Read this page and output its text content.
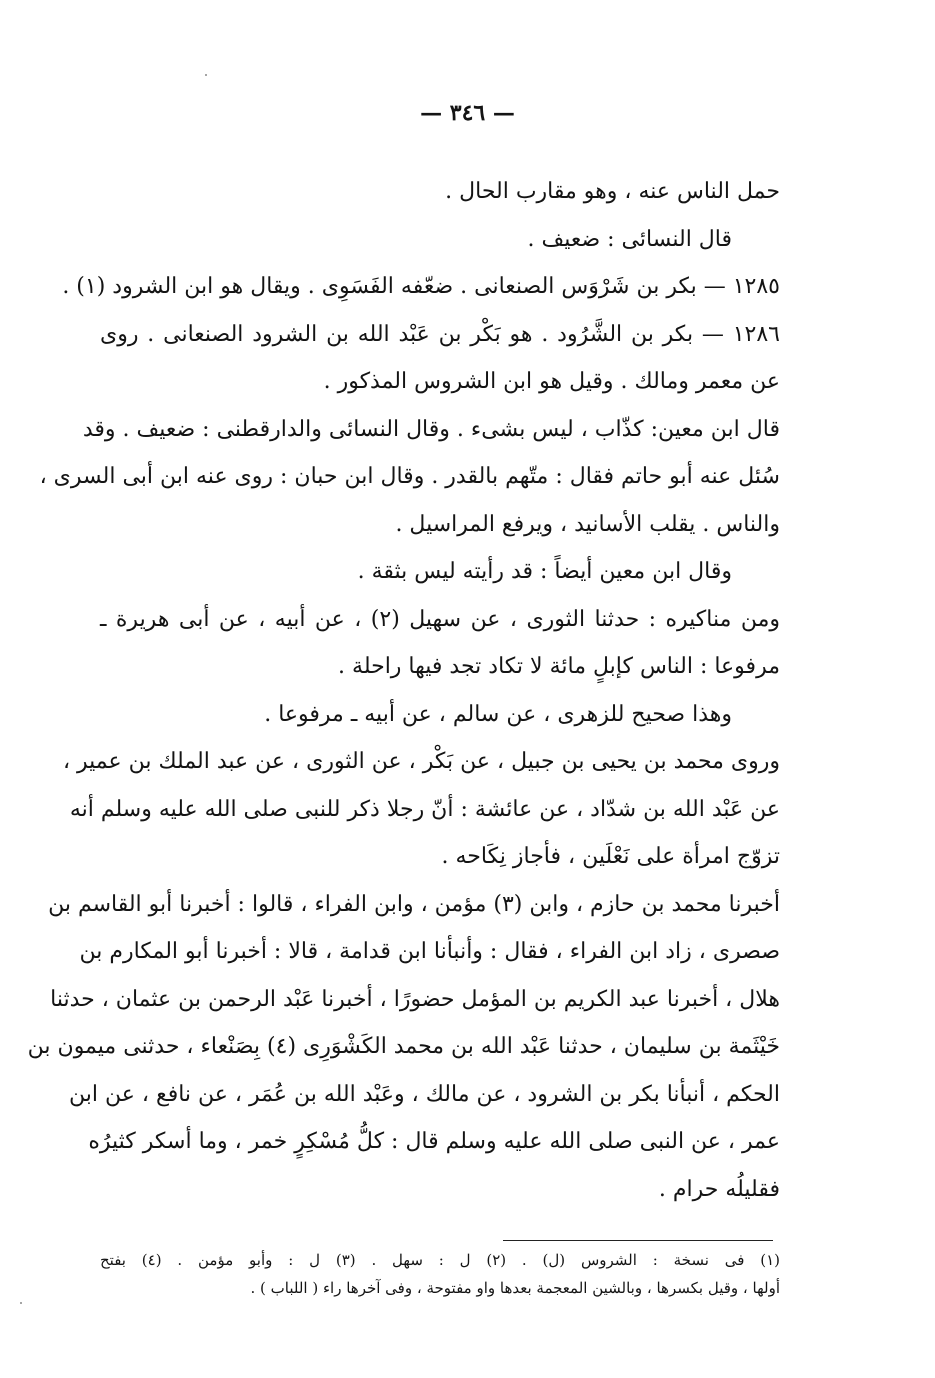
— ٣٤٦ —
حمل الناس عنه ، وهو مقارب الحال .
قال النسائى : ضعيف .
١٢٨٥ — بكر بن شَرْوَس الصنعانى . ضعّفه الفَسَوِى . ويقال هو ابن الشرود (١) .
١٢٨٦ — بكر بن الشَّرُود . هو بَكْر بن عَبْد الله بن الشرود الصنعانى . روى
عن معمر ومالك . وقيل هو ابن الشروس المذكور .
قال ابن معين: كذّاب ، ليس بشىء . وقال النسائى والدارقطنى : ضعيف . وقد
سُئل عنه أبو حاتم فقال : متّهم بالقدر . وقال ابن حبان : روى عنه ابن أبى السرى ،
والناس . يقلب الأسانيد ، ويرفع المراسيل .
وقال ابن معين أيضاً : قد رأيته ليس بثقة .
ومن مناكيره : حدثنا الثورى ، عن سهيل (٢) ، عن أبيه ، عن أبى هريرة ـ
مرفوعا : الناس كإبلٍ مائة لا تكاد تجد فيها راحلة .
وهذا صحيح للزهرى ، عن سالم ، عن أبيه ـ مرفوعا .
وروى محمد بن يحيى بن جبيل ، عن بَكْر ، عن الثورى ، عن عبد الملك بن عمير ،
عن عَبْد الله بن شدّاد ، عن عائشة : أنّ رجلا ذكر للنبى صلى الله عليه وسلم أنه
تزوّج امرأة على نَعْلَين ، فأجاز نِكَاحه .
أخبرنا محمد بن حازم ، وابن (٣) مؤمن ، وابن الفراء ، قالوا : أخبرنا أبو القاسم بن
صصرى ، زاد ابن الفراء ، فقال : وأنبأنا ابن قدامة ، قالا : أخبرنا أبو المكارم بن
هلال ، أخبرنا عبد الكريم بن المؤمل حضورًا ، أخبرنا عَبْد الرحمن بن عثمان ، حدثنا
خَيْثَمة بن سليمان ، حدثنا عَبْد الله بن محمد الكَشْوَرِى (٤) بِصَنْعاء ، حدثنى ميمون بن
الحكم ، أنبأنا بكر بن الشرود ، عن مالك ، وعَبْد الله بن عُمَر ، عن نافع ، عن ابن
عمر ، عن النبى صلى الله عليه وسلم قال : كلُّ مُسْكِرٍ خمر ، وما أسكر كثيرُه
فقليلُه حرام .
(١) فى نسخة : الشروس (ل) . (٢) ل : سهل . (٣) ل : وأبو مؤمن . (٤) بفتح
أولها ، وقيل بكسرها ، وبالشين المعجمة بعدها واو مفتوحة ، وفى آخرها راء ( اللباب ) .
